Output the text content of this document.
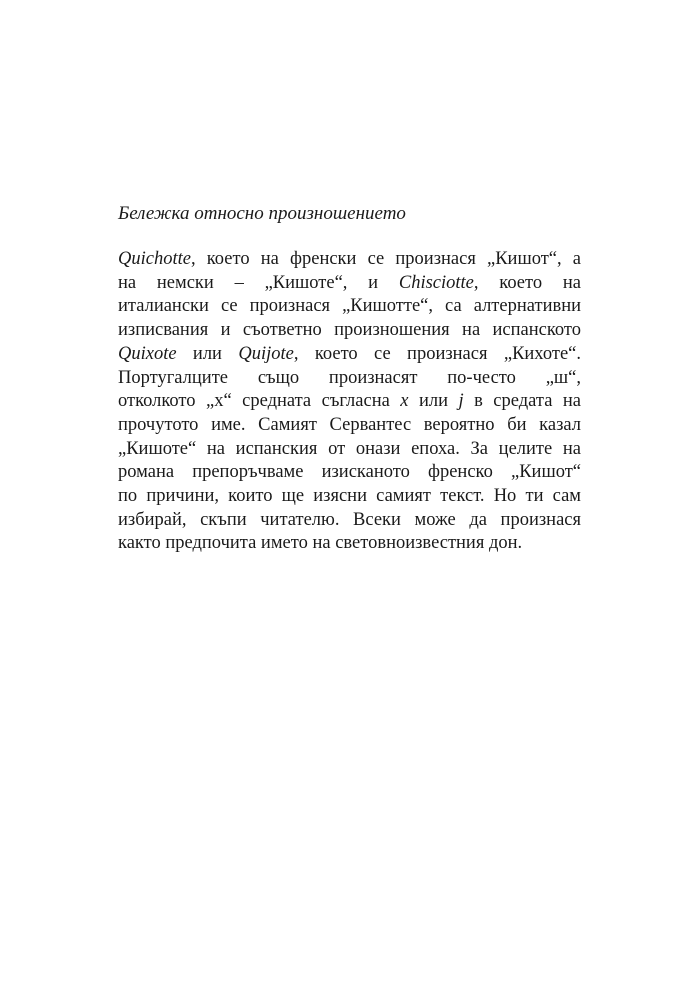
Бележка относно произношението
Quichotte, което на френски се произнася „Кишот“, а
на немски – „Кишоте“, и Chisciotte, което на
италиански се произнася „Кишотте“, са алтернативни
изписвания и съответно произношения на испанското
Quixote или Quijote, което се произнася „Кихоте“.
Португалците също произнасят по-често „ш“,
отколкото „х“ средната съгласна x или j в средата на
прочутото име. Самият Сервантес вероятно би казал
„Кишоте“ на испанския от онази епоха. За целите на
романа препоръчваме изисканото френско „Кишот“
по причини, които ще изясни самият текст. Но ти сам
избирай, скъпи читателю. Всеки може да произнася
както предпочита името на световноизвестния дон.
